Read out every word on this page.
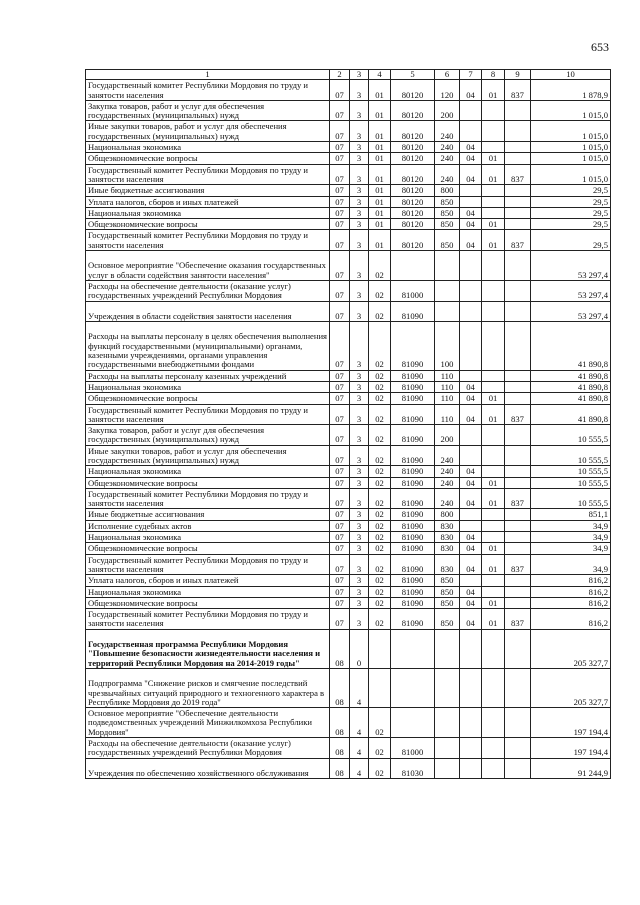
653
1	2	3	4	5	6	7	8	9	10
Государственный комитет Республики Мордовия по труду и занятости населения	07	3	01	80120	120	04	01	837	1 878,9
Закупка товаров, работ и услуг для обеспечения государственных (муниципальных) нужд	07	3	01	80120	200				1 015,0
Иные закупки товаров, работ и услуг для обеспечения государственных (муниципальных) нужд	07	3	01	80120	240				1 015,0
Национальная экономика	07	3	01	80120	240	04			1 015,0
Общеэкономические вопросы	07	3	01	80120	240	04	01		1 015,0
Государственный комитет Республики Мордовия по труду и занятости населения	07	3	01	80120	240	04	01	837	1 015,0
Иные бюджетные ассигнования	07	3	01	80120	800				29,5
Уплата налогов, сборов и иных платежей	07	3	01	80120	850				29,5
Национальная экономика	07	3	01	80120	850	04			29,5
Общеэкономические вопросы	07	3	01	80120	850	04	01		29,5
Государственный комитет Республики Мордовия по труду и занятости населения	07	3	01	80120	850	04	01	837	29,5
Основное мероприятие "Обеспечение оказания государственных услуг в области содействия занятости населения"	07	3	02						53 297,4
Расходы на обеспечение деятельности (оказание услуг) государственных учреждений Республики Мордовия	07	3	02	81000					53 297,4
Учреждения в области содействия занятости населения	07	3	02	81090					53 297,4
Расходы на выплаты персоналу в целях обеспечения выполнения функций государственными (муниципальными) органами, казенными учреждениями, органами управления государственными внебюджетными фондами	07	3	02	81090	100				41 890,8
Расходы на выплаты персоналу казенных учреждений	07	3	02	81090	110				41 890,8
Национальная экономика	07	3	02	81090	110	04			41 890,8
Общеэкономические вопросы	07	3	02	81090	110	04	01		41 890,8
Государственный комитет Республики Мордовия по труду и занятости населения	07	3	02	81090	110	04	01	837	41 890,8
Закупка товаров, работ и услуг для обеспечения государственных (муниципальных) нужд	07	3	02	81090	200				10 555,5
Иные закупки товаров, работ и услуг для обеспечения государственных (муниципальных) нужд	07	3	02	81090	240				10 555,5
Национальная экономика	07	3	02	81090	240	04			10 555,5
Общеэкономические вопросы	07	3	02	81090	240	04	01		10 555,5
Государственный комитет Республики Мордовия по труду и занятости населения	07	3	02	81090	240	04	01	837	10 555,5
Иные бюджетные ассигнования	07	3	02	81090	800				851,1
Исполнение судебных актов	07	3	02	81090	830				34,9
Национальная экономика	07	3	02	81090	830	04			34,9
Общеэкономические вопросы	07	3	02	81090	830	04	01		34,9
Государственный комитет Республики Мордовия по труду и занятости населения	07	3	02	81090	830	04	01	837	34,9
Уплата налогов, сборов и иных платежей	07	3	02	81090	850				816,2
Национальная экономика	07	3	02	81090	850	04			816,2
Общеэкономические вопросы	07	3	02	81090	850	04	01		816,2
Государственный комитет Республики Мордовия по труду и занятости населения	07	3	02	81090	850	04	01	837	816,2
Государственная программа Республики Мордовия "Повышение безопасности жизнедеятельности населения и территорий Республики Мордовия на 2014-2019 годы"	08	0							205 327,7
Подпрограмма "Снижение рисков и смягчение последствий чрезвычайных ситуаций природного и техногенного характера в Республике Мордовия до 2019 года"	08	4							205 327,7
Основное мероприятие "Обеспечение деятельности подведомственных учреждений Минжилкомхоза Республики Мордовия"	08	4	02						197 194,4
Расходы на обеспечение деятельности (оказание услуг) государственных учреждений Республики Мордовия	08	4	02	81000					197 194,4
Учреждения по обеспечению хозяйственного обслуживания	08	4	02	81030					91 244,9
